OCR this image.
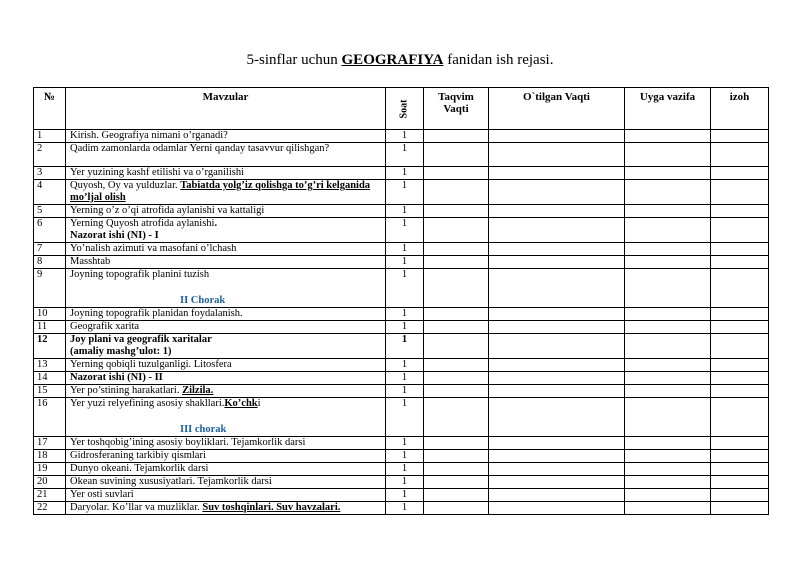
5-sinflar uchun GEOGRAFIYA fanidan ish rejasi.
№	Mavzular	Soat	Taqvim Vaqti	O`tilgan Vaqti	Uyga vazifa	izoh
1	Kirish. Geografiya nimani o’rganadi?	1				
2	Qadim zamonlarda odamlar Yerni qanday tasavvur qilishgan?	1				
3	Yer yuzining kashf etilishi va o’rganilishi	1				
4	Quyosh, Oy va yulduzlar. Tabiatda yolg’iz qolishga to’g’ri kelganida mo’ljal olish	1				
5	Yerning o’z o’qi atrofida aylanishi va kattaligi	1				
6	Yerning Quyosh atrofida aylanishi.
Nazorat ishi (NI) - I	1				
7	Yo’nalish azimuti va masofani o’lchash	1				
8	Masshtab	1				
9	Joyning topografik planini tuzish
II Chorak	1				
10	Joyning topografik planidan foydalanish.	1				
11	Geografik xarita	1				
12	Joy plani va geografik xaritalar
(amaliy mashg’ulot: 1)	1				
13	Yerning qobiqli tuzulganligi. Litosfera	1				
14	Nazorat ishi (NI) - II	1				
15	Yer po’stining harakatlari. Zilzila.	1				
16	Yer yuzi relyefining asosiy shakllari.Ko’chki
III chorak	1				
17	Yer toshqobig’ining asosiy boyliklari. Tejamkorlik darsi	1				
18	Gidrosferaning tarkibiy qismlari	1				
19	Dunyo okeani. Tejamkorlik darsi	1				
20	Okean suvining xususiyatlari. Tejamkorlik darsi	1				
21	Yer osti suvlari	1				
22	Daryolar. Ko’llar va muzliklar. Suv toshqinlari. Suv havzalari.	1				
